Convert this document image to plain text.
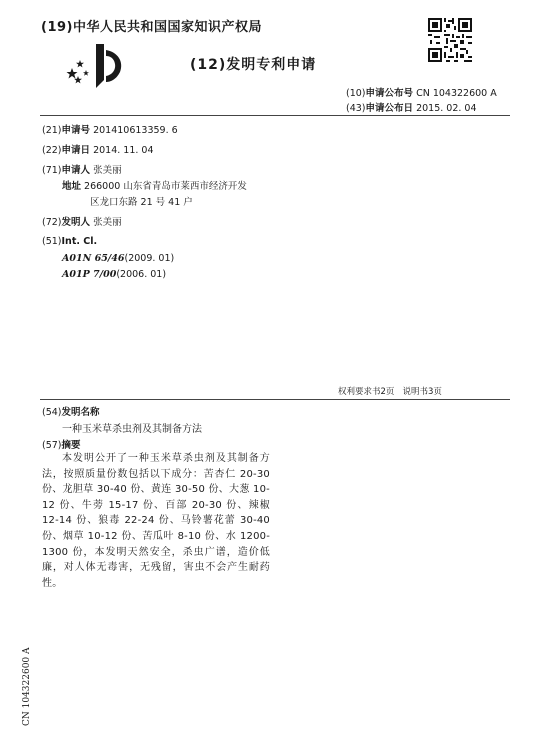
(19)中华人民共和国国家知识产权局
(12)发明专利申请
(10)申请公布号 CN 104322600 A
(43)申请公布日 2015. 02. 04
(21)申请号 201410613359. 6
(22)申请日 2014. 11. 04
(71)申请人 张美丽
地址 266000 山东省青岛市莱西市经济开发
区龙口东路 21 号 41 户
(72)发明人 张美丽
(51)Int. Cl.
A01N 65/46(2009. 01)
A01P 7/00(2006. 01)
权利要求书2页   说明书3页
(54)发明名称
一种玉米草杀虫剂及其制备方法
(57)摘要
本发明公开了一种玉米草杀虫剂及其制备方法，按照质量份数包括以下成分：苦杏仁 20-30 份、龙胆草 30-40 份、黄连 30-50 份、大葱 10-12 份、牛蒡 15-17 份、百部 20-30 份、辣椒 12-14 份、狼毒 22-24 份、马铃薯花蕾 30-40 份、烟草 10-12 份、苦瓜叶 8-10 份、水 1200-1300 份，本发明天然安全，杀虫广谱，造价低廉，对人体无毒害，无残留，害虫不会产生耐药性。
CN 104322600 A
